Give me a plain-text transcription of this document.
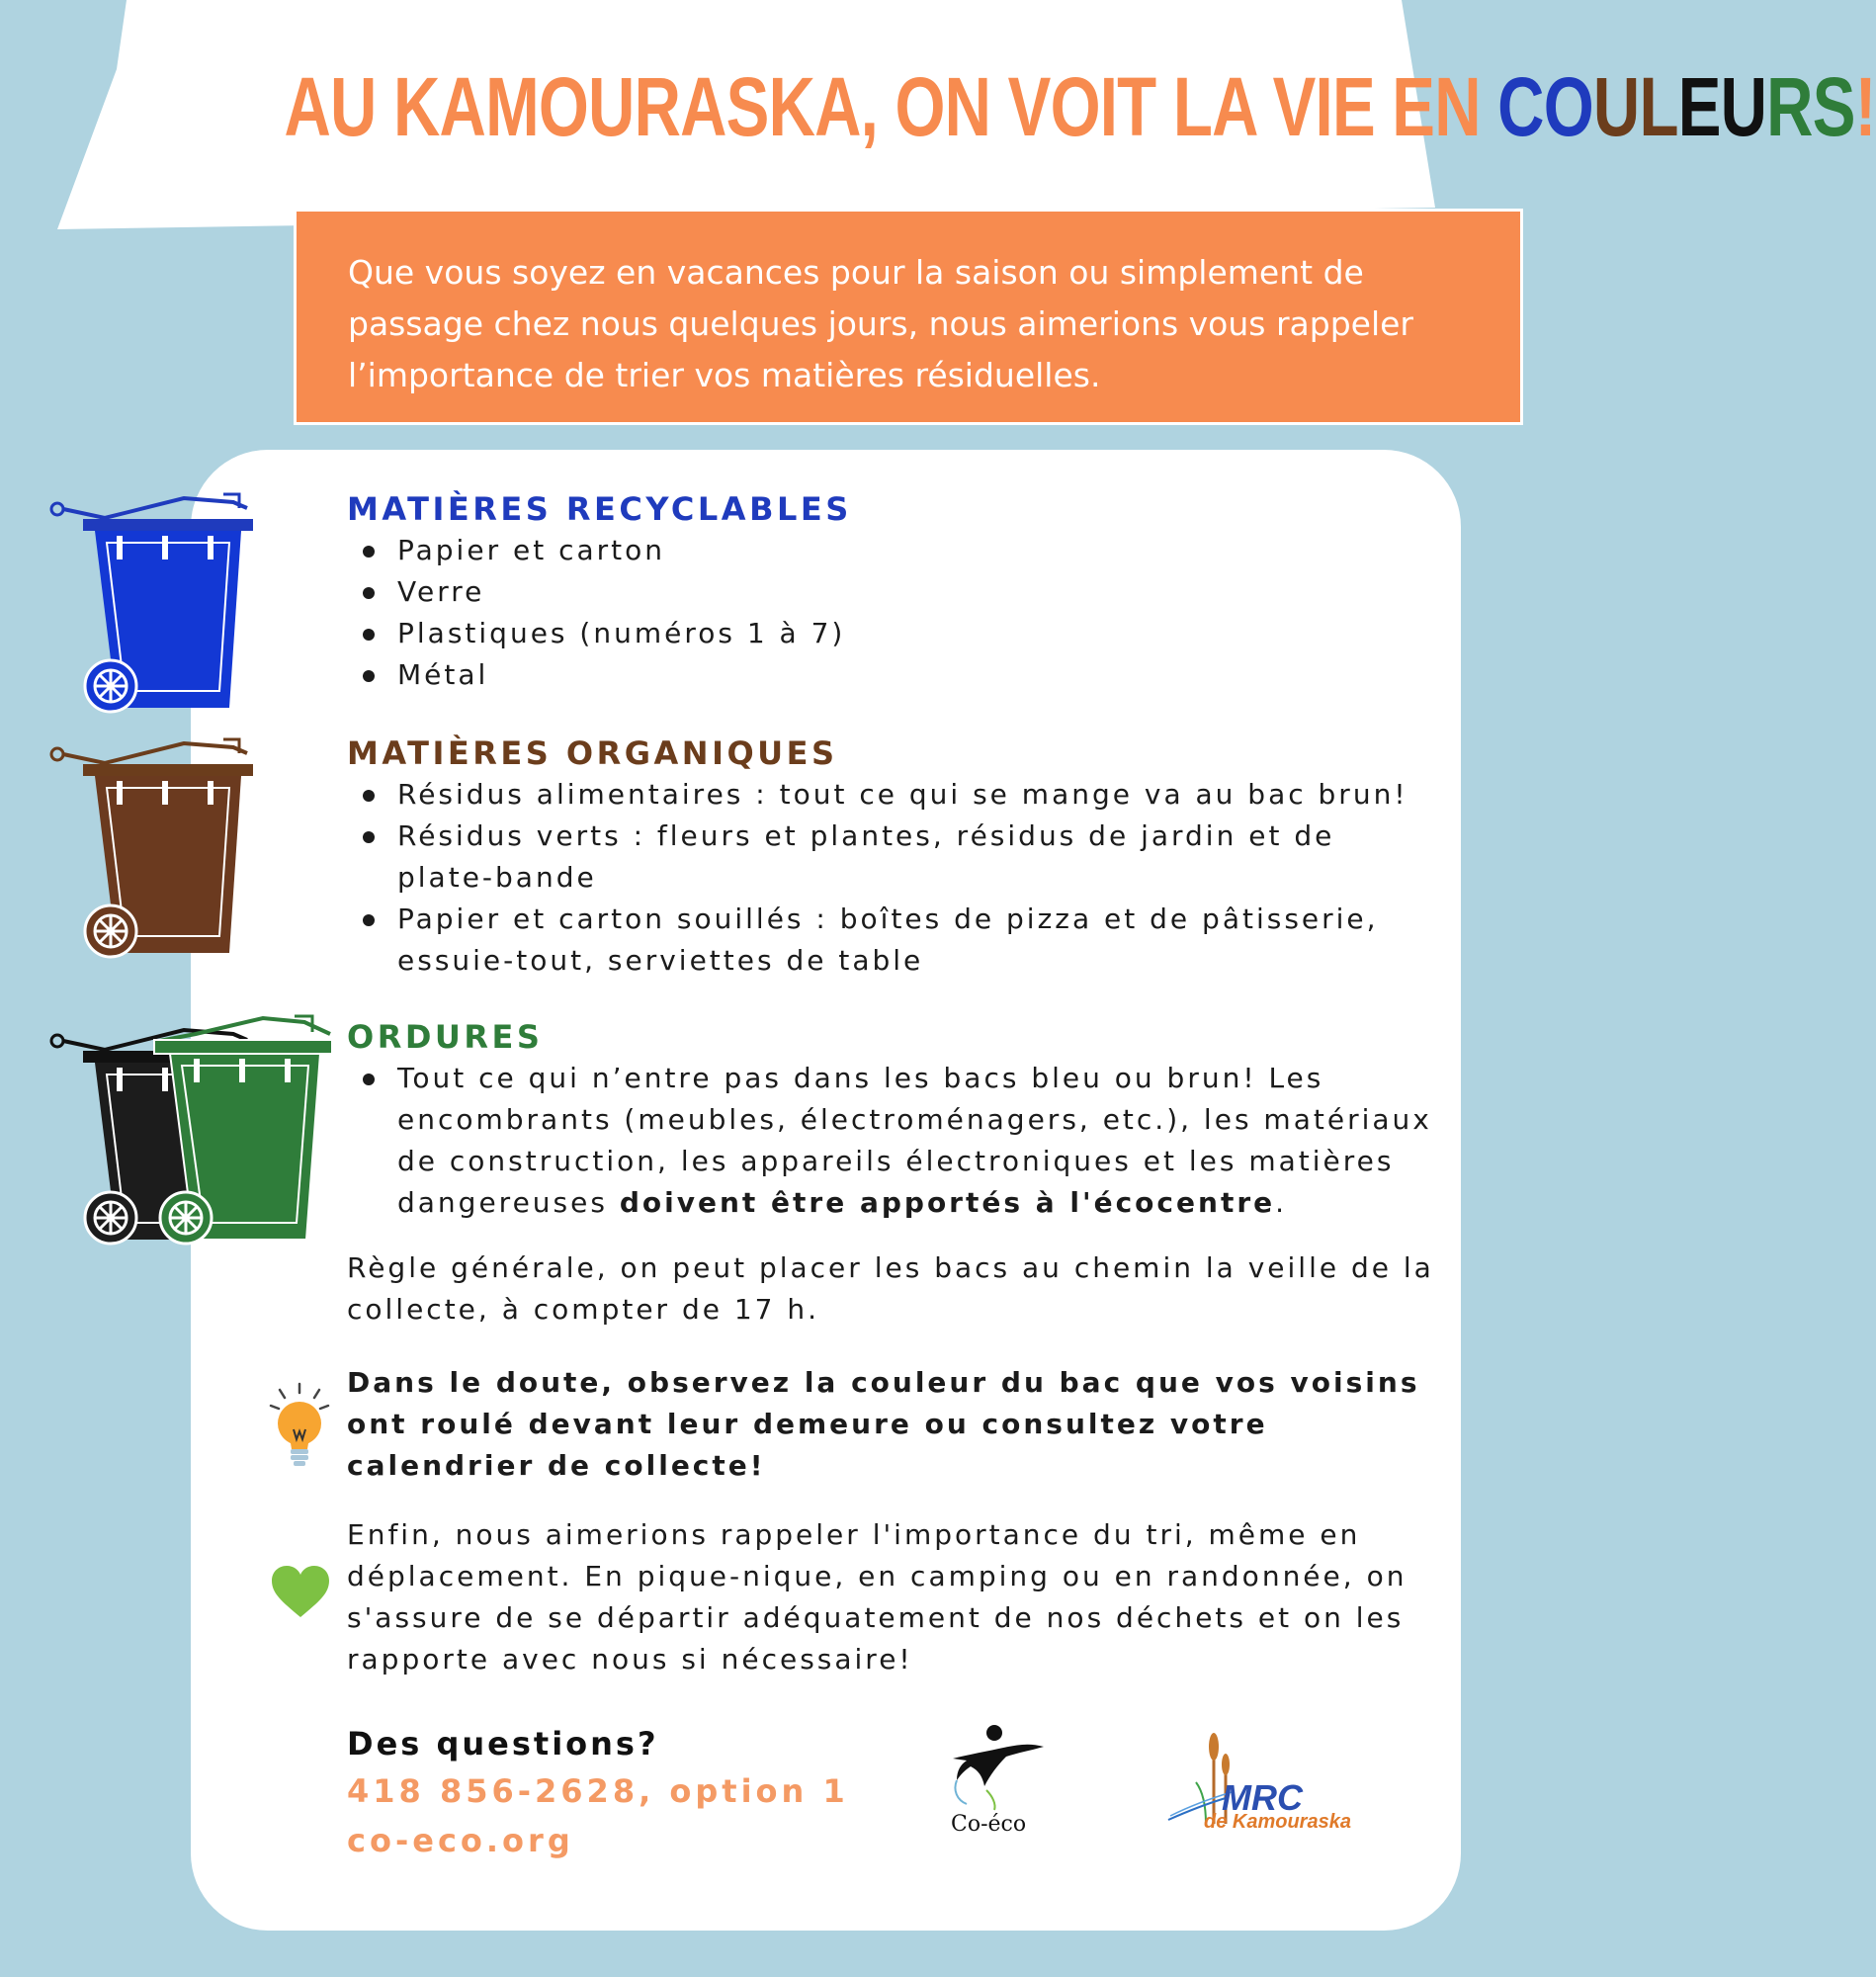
AU KAMOURASKA, ON VOIT LA VIE EN COULEURS!
Que vous soyez en vacances pour la saison ou simplement de passage chez nous quelques jours, nous aimerions vous rappeler l’importance de trier vos matières résiduelles.
MATIÈRES RECYCLABLES
Papier et carton
Verre
Plastiques (numéros 1 à 7)
Métal
MATIÈRES ORGANIQUES
Résidus alimentaires : tout ce qui se mange va au bac brun!
Résidus verts : fleurs et plantes, résidus de jardin et de plate-bande
Papier et carton souillés : boîtes de pizza et de pâtisserie, essuie-tout, serviettes de table
ORDURES
Tout ce qui n’entre pas dans les bacs bleu ou brun! Les encombrants (meubles, électroménagers, etc.), les matériaux de construction, les appareils électroniques et les matières dangereuses doivent être apportés à l'écocentre.

Règle générale, on peut placer les bacs au chemin la veille de la collecte, à compter de 17 h.

Dans le doute, observez la couleur du bac que vos voisins ont roulé devant leur demeure ou consultez votre calendrier de collecte!

Enfin, nous aimerions rappeler l'importance du tri, même en déplacement. En pique-nique, en camping ou en randonnée, on s'assure de se départir adéquatement de nos déchets et on les rapporte avec nous si nécessaire!

Des questions?
418 856-2628, option 1
co-eco.org	Co-éco
MRC
de Kamouraska
